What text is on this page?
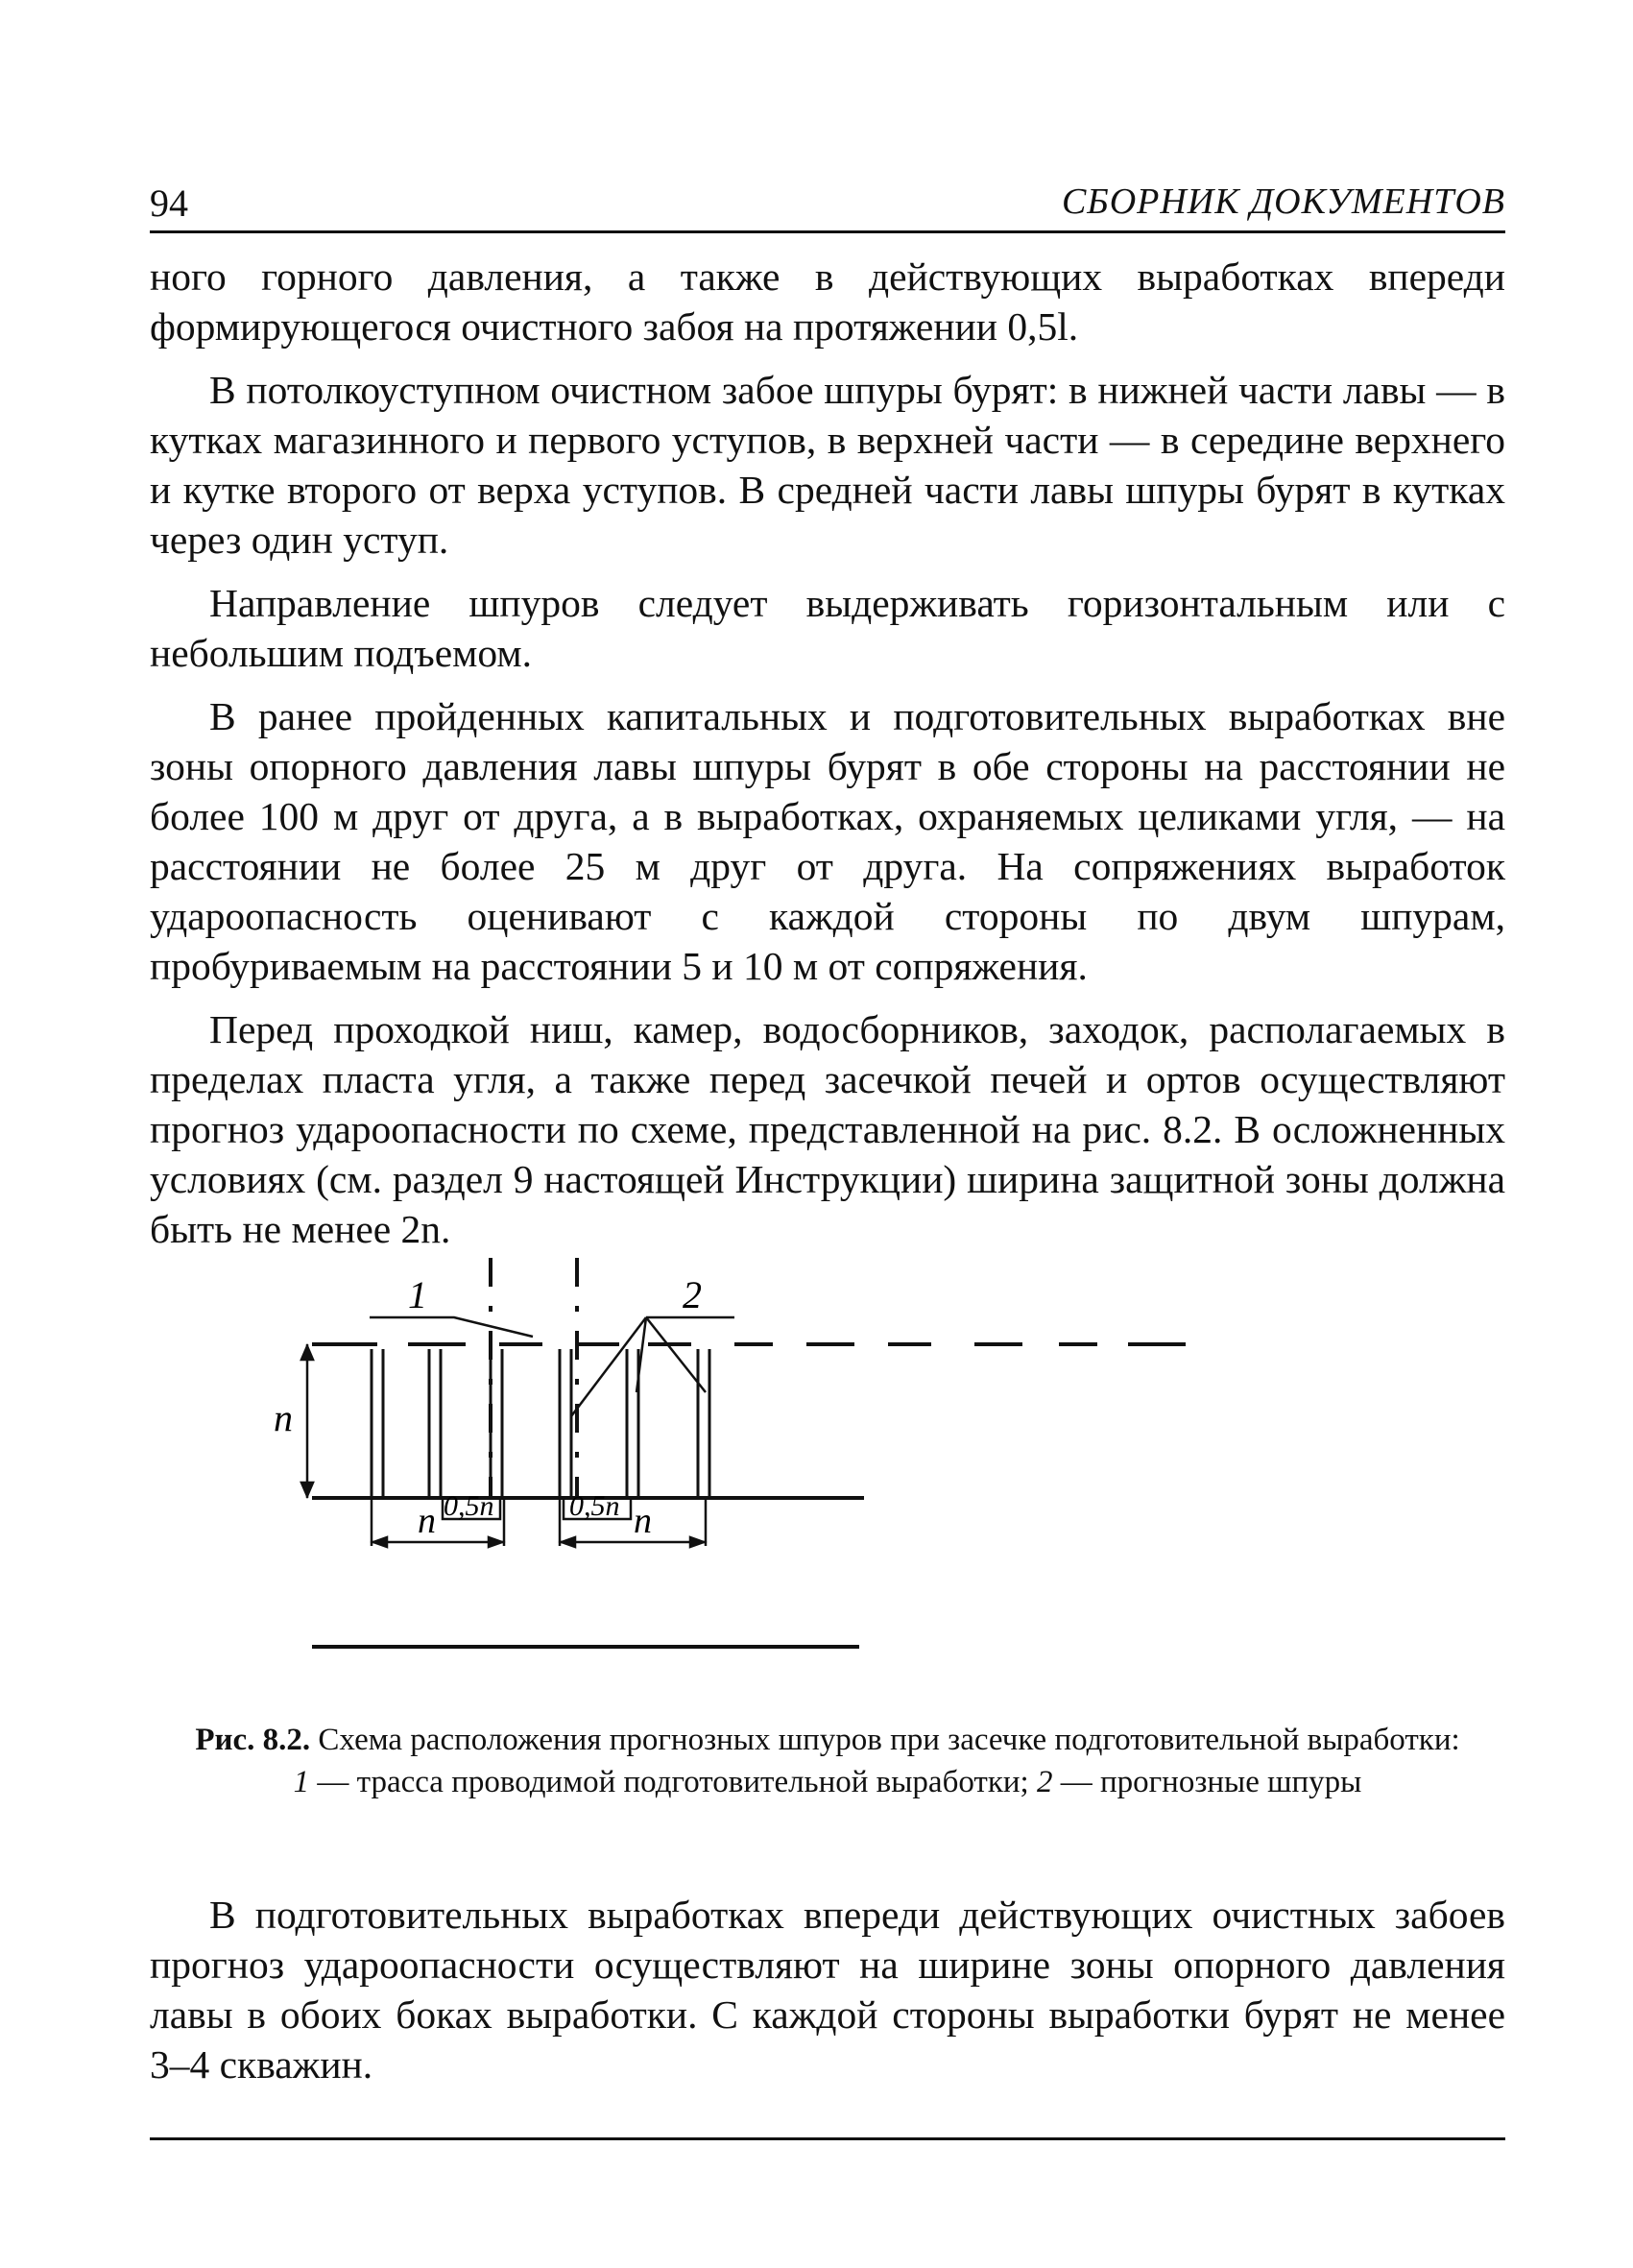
94	СБОРНИК ДОКУМЕНТОВ

ного горного давления, а также в действующих выработках впереди формирующегося очистного забоя на протяжении 0,5l.

В потолкоуступном очистном забое шпуры бурят: в нижней части лавы — в кутках магазинного и первого уступов, в верхней части — в середине верхнего и кутке второго от верха уступов. В средней части лавы шпуры бурят в кутках через один уступ.

Направление шпуров следует выдерживать горизонтальным или с небольшим подъемом.

В ранее пройденных капитальных и подготовительных выработках вне зоны опорного давления лавы шпуры бурят в обе стороны на расстоянии не более 100 м друг от друга, а в выработках, охраняемых целиками угля, — на расстоянии не более 25 м друг от друга. На сопряжениях выработок удароопасность оценивают с каждой стороны по двум шпурам, пробуриваемым на расстоянии 5 и 10 м от сопряжения.

Перед проходкой ниш, камер, водосборников, заходок, располагаемых в пределах пласта угля, а также перед засечкой печей и ортов осуществляют прогноз удароопасности по схеме, представленной на рис. 8.2. В осложненных условиях (см. раздел 9 настоящей Инструкции) ширина защитной зоны должна быть не менее 2n.

1	2
n
0,5n	0,5n
n	n
Рис. 8.2. Схема расположения прогнозных шпуров при засечке подготовительной выработки:
1 — трасса проводимой подготовительной выработки; 2 — прогнозные шпуры

В подготовительных выработках впереди действующих очистных забоев прогноз удароопасности осуществляют на ширине зоны опорного давления лавы в обоих боках выработки. С каждой стороны выработки бурят не менее 3–4 скважин.
